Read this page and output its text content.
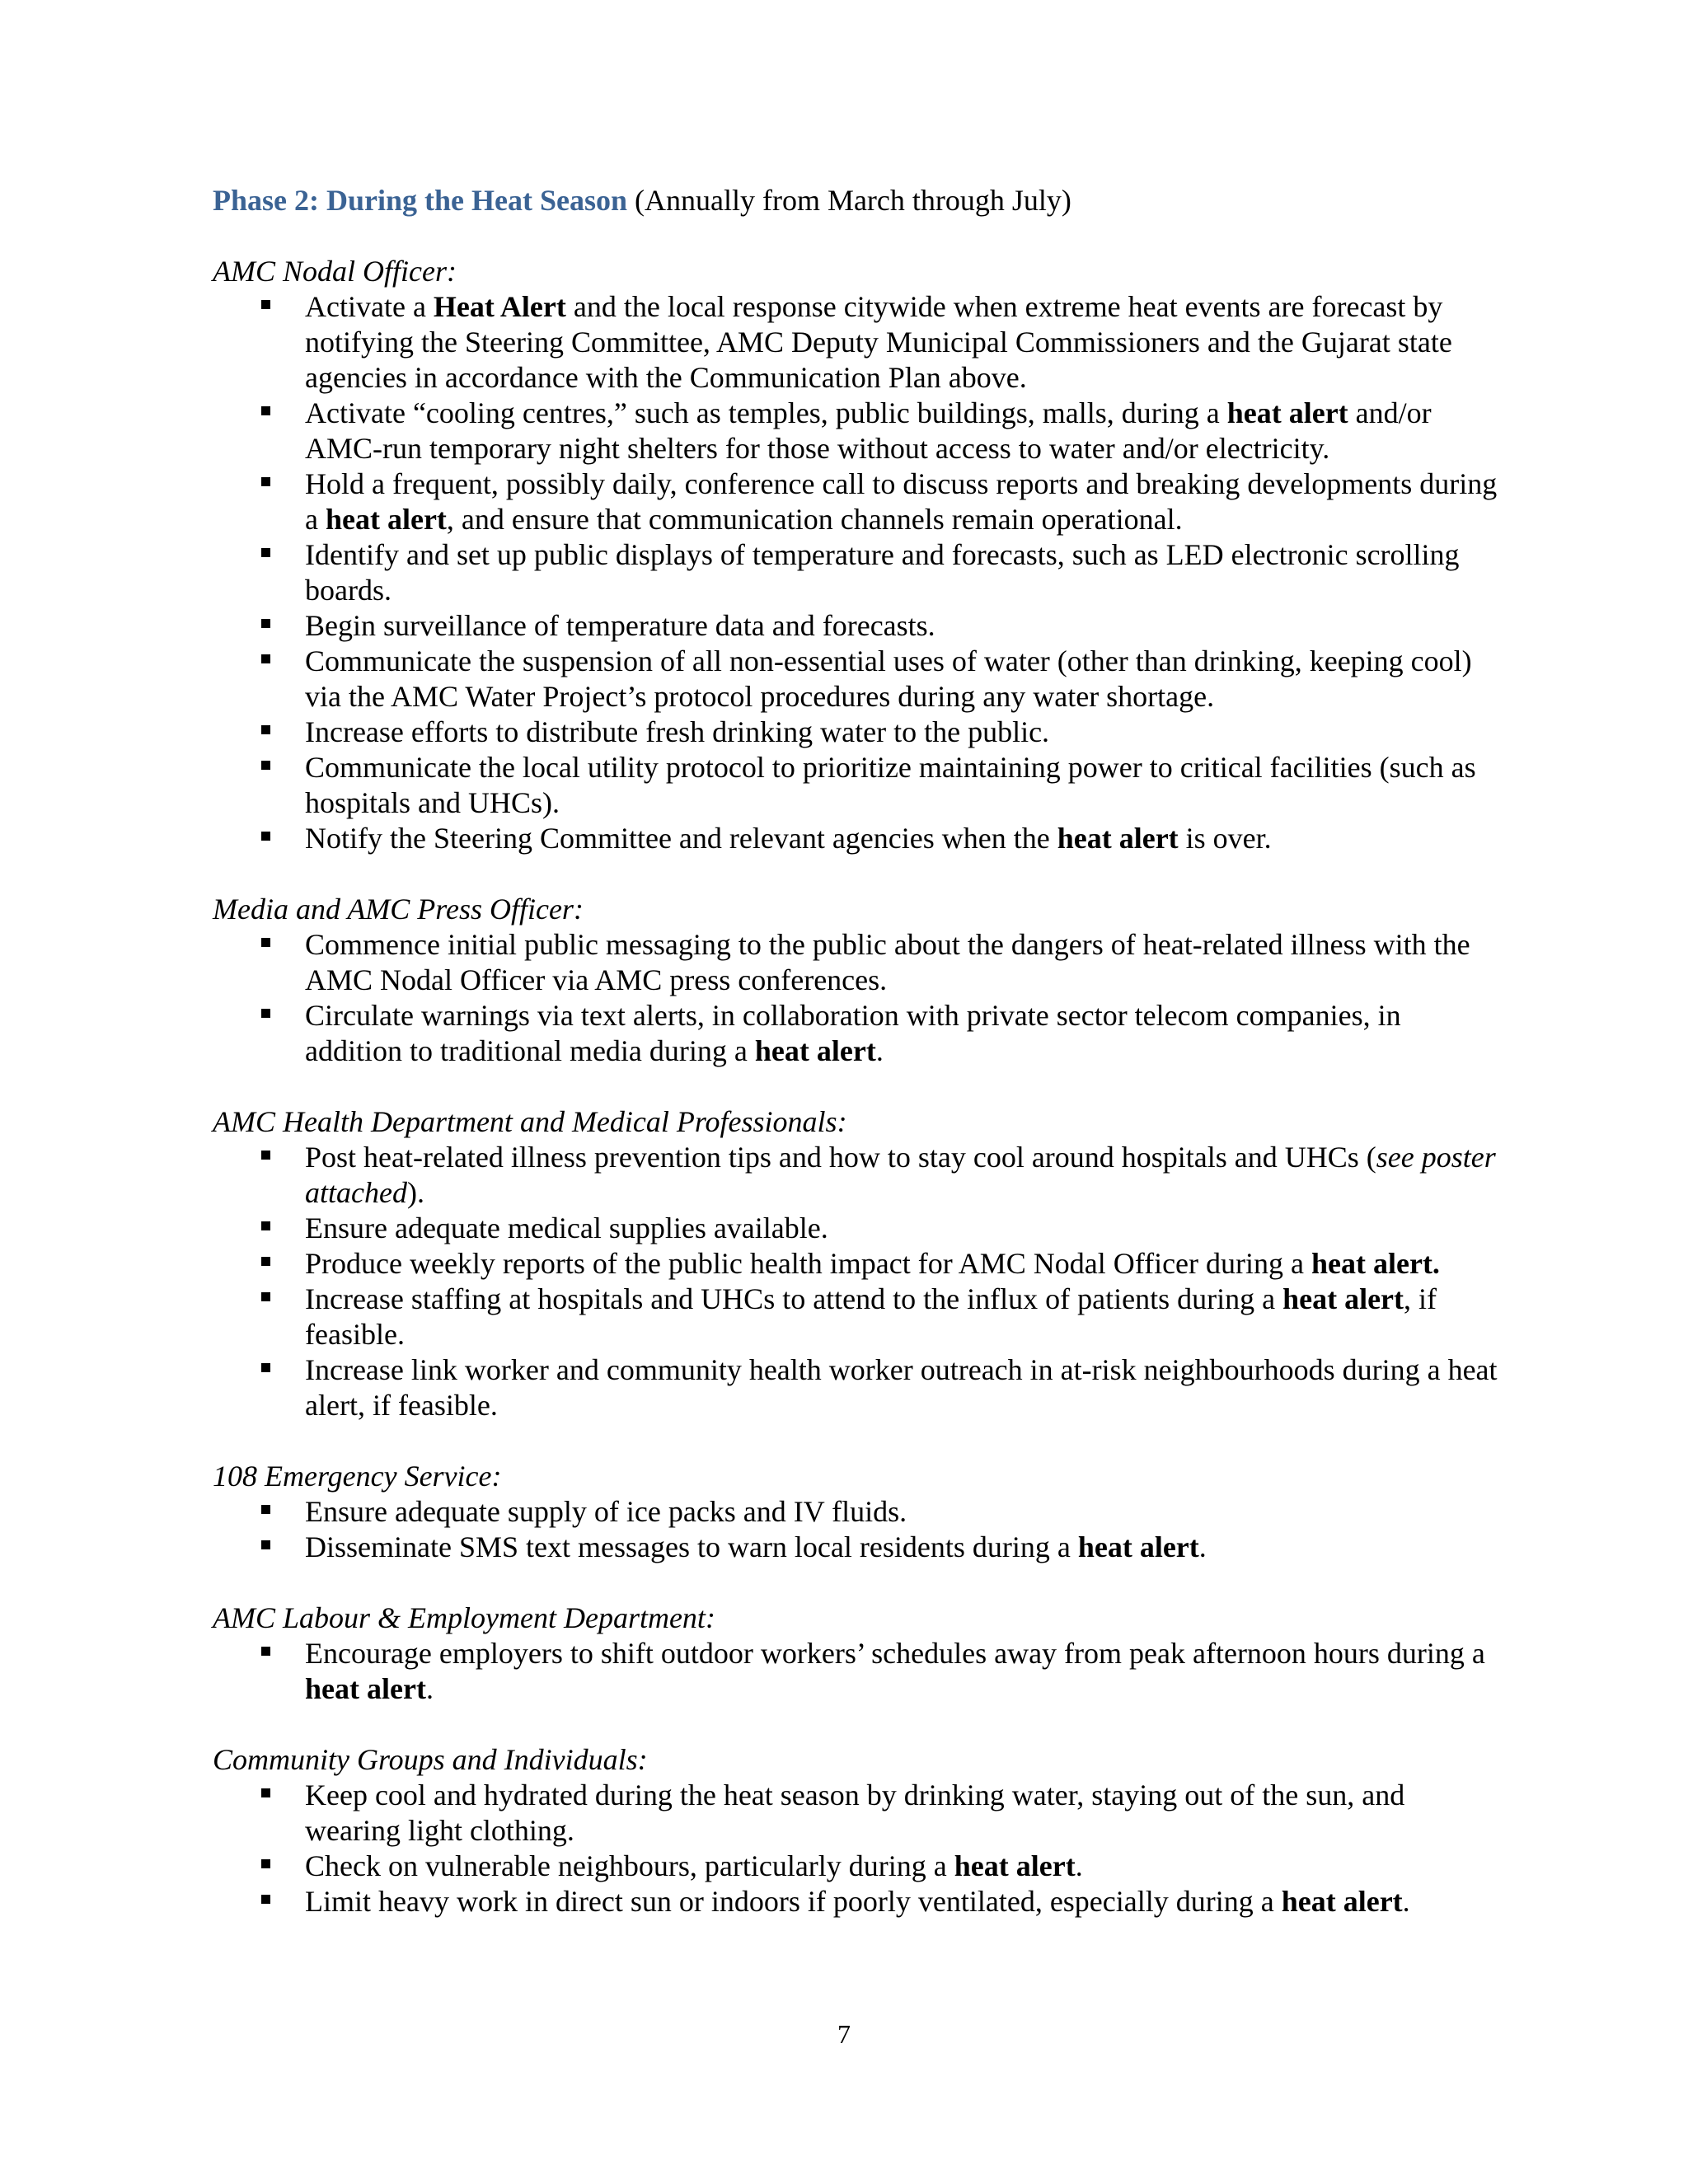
Phase 2: During the Heat Season (Annually from March through July)
AMC Nodal Officer:
Activate a Heat Alert and the local response citywide when extreme heat events are forecast by notifying the Steering Committee, AMC Deputy Municipal Commissioners and the Gujarat state agencies in accordance with the Communication Plan above.
Activate “cooling centres,” such as temples, public buildings, malls, during a heat alert and/or AMC-run temporary night shelters for those without access to water and/or electricity.
Hold a frequent, possibly daily, conference call to discuss reports and breaking developments during a heat alert, and ensure that communication channels remain operational.
Identify and set up public displays of temperature and forecasts, such as LED electronic scrolling boards.
Begin surveillance of temperature data and forecasts.
Communicate the suspension of all non-essential uses of water (other than drinking, keeping cool) via the AMC Water Project’s protocol procedures during any water shortage.
Increase efforts to distribute fresh drinking water to the public.
Communicate the local utility protocol to prioritize maintaining power to critical facilities (such as hospitals and UHCs).
Notify the Steering Committee and relevant agencies when the heat alert is over.
Media and AMC Press Officer:
Commence initial public messaging to the public about the dangers of heat-related illness with the AMC Nodal Officer via AMC press conferences.
Circulate warnings via text alerts, in collaboration with private sector telecom companies, in addition to traditional media during a heat alert.
AMC Health Department and Medical Professionals:
Post heat-related illness prevention tips and how to stay cool around hospitals and UHCs (see poster attached).
Ensure adequate medical supplies available.
Produce weekly reports of the public health impact for AMC Nodal Officer during a heat alert.
Increase staffing at hospitals and UHCs to attend to the influx of patients during a heat alert, if feasible.
Increase link worker and community health worker outreach in at-risk neighbourhoods during a heat alert, if feasible.
108 Emergency Service:
Ensure adequate supply of ice packs and IV fluids.
Disseminate SMS text messages to warn local residents during a heat alert.
AMC Labour & Employment Department:
Encourage employers to shift outdoor workers’ schedules away from peak afternoon hours during a heat alert.
Community Groups and Individuals:
Keep cool and hydrated during the heat season by drinking water, staying out of the sun, and wearing light clothing.
Check on vulnerable neighbours, particularly during a heat alert.
Limit heavy work in direct sun or indoors if poorly ventilated, especially during a heat alert.
7
